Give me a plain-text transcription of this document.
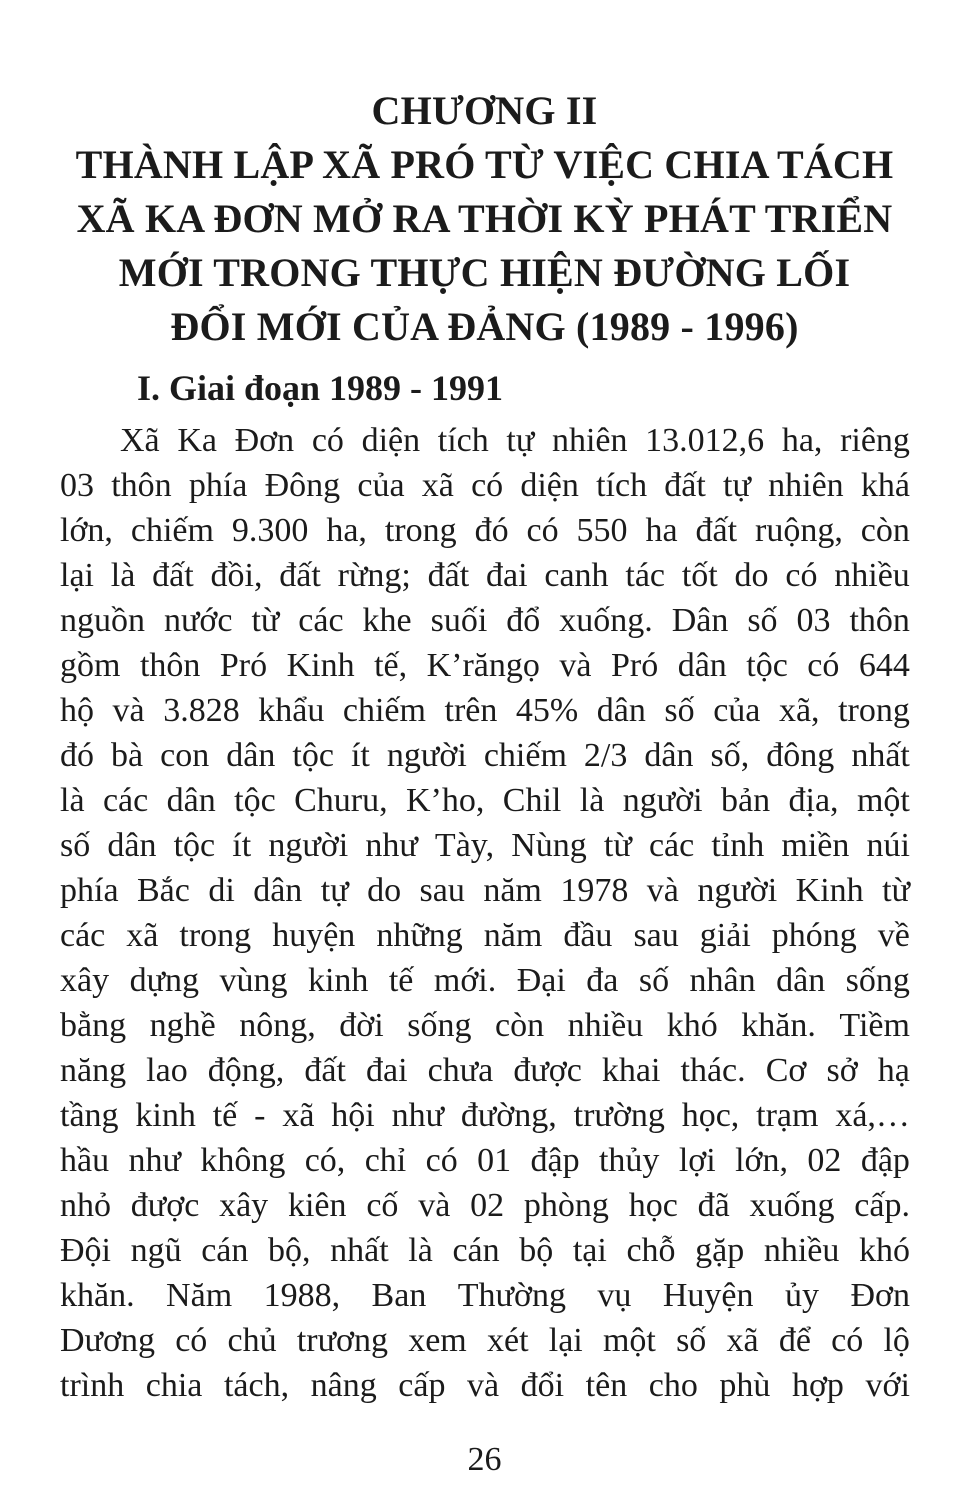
CHƯƠNG II
THÀNH LẬP XÃ PRÓ TỪ VIỆC CHIA TÁCH
XÃ KA ĐƠN MỞ RA THỜI KỲ PHÁT TRIỂN
MỚI TRONG THỰC HIỆN ĐƯỜNG LỐI
ĐỔI MỚI CỦA ĐẢNG (1989 - 1996)
I. Giai đoạn 1989 - 1991
Xã Ka Đơn có diện tích tự nhiên 13.012,6 ha, riêng
03 thôn phía Đông của xã có diện tích đất tự nhiên khá
lớn, chiếm 9.300 ha, trong đó có 550 ha đất ruộng, còn
lại là đất đồi, đất rừng; đất đai canh tác tốt do có nhiều
nguồn nước từ các khe suối đổ xuống. Dân số 03 thôn
gồm thôn Pró Kinh tế, K’răngọ và Pró dân tộc có 644
hộ và 3.828 khẩu chiếm trên 45% dân số của xã, trong
đó bà con dân tộc ít người chiếm 2/3 dân số, đông nhất
là các dân tộc Churu, K’ho, Chil là người bản địa, một
số dân tộc ít người như Tày, Nùng từ các tỉnh miền núi
phía Bắc di dân tự do sau năm 1978 và người Kinh từ
các xã trong huyện những năm đầu sau giải phóng về
xây dựng vùng kinh tế mới. Đại đa số nhân dân sống
bằng nghề nông, đời sống còn nhiều khó khăn. Tiềm
năng lao động, đất đai chưa được khai thác. Cơ sở hạ
tầng kinh tế - xã hội như đường, trường học, trạm xá,…
hầu như không có, chỉ có 01 đập thủy lợi lớn, 02 đập
nhỏ được xây kiên cố và 02 phòng học đã xuống cấp.
Đội ngũ cán bộ, nhất là cán bộ tại chỗ gặp nhiều khó
khăn. Năm 1988, Ban Thường vụ Huyện ủy Đơn
Dương có chủ trương xem xét lại một số xã để có lộ
trình chia tách, nâng cấp và đổi tên cho phù hợp với
26
